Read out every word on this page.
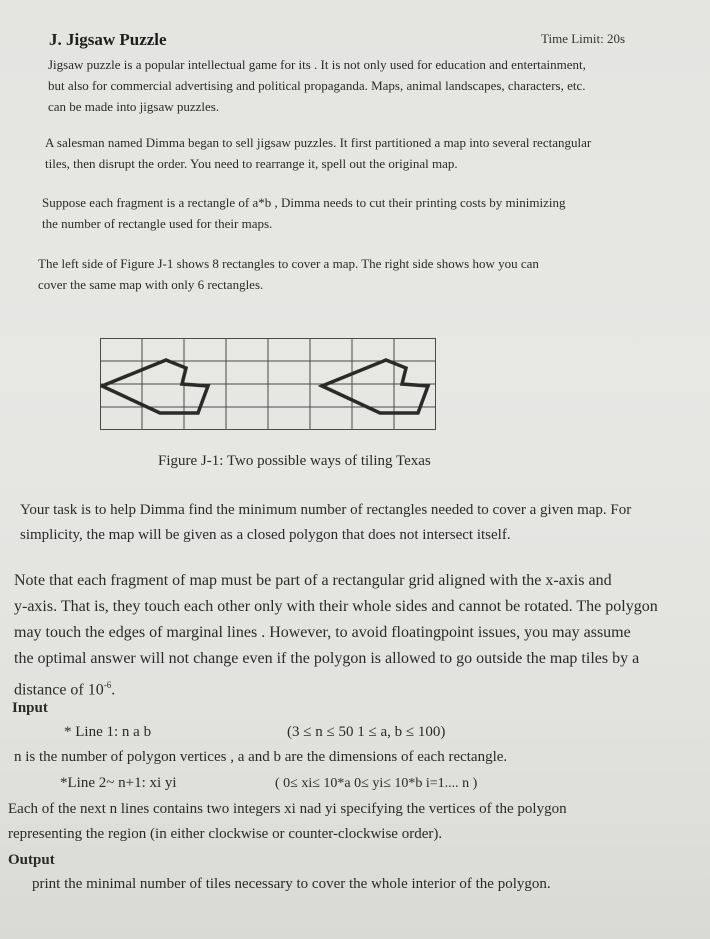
J. Jigsaw Puzzle	Time Limit: 20s
Jigsaw puzzle is a popular intellectual game for its . It is not only used for education and entertainment,
but also for commercial advertising and political propaganda. Maps, animal landscapes, characters, etc.
can be made into jigsaw puzzles.
A salesman named Dimma began to sell jigsaw puzzles. It first partitioned a map into several rectangular
tiles, then disrupt the order. You need to rearrange it, spell out the original map.
Suppose each fragment is a rectangle of a*b , Dimma needs to cut their printing costs by minimizing
the number of rectangle used for their maps.
The left side of Figure J-1 shows 8 rectangles to cover a map. The right side shows how you can
cover the same map with only 6 rectangles.
Figure J-1: Two possible ways of tiling Texas
Your task is to help Dimma find the minimum number of rectangles needed to cover a given map. For
simplicity, the map will be given as a closed polygon that does not intersect itself.
Note that each fragment of map must be part of a rectangular grid aligned with the x-axis and
y-axis. That is, they touch each other only with their whole sides and cannot be rotated. The polygon
may touch the edges of marginal lines . However, to avoid floatingpoint issues, you may assume
the optimal answer will not change even if the polygon is allowed to go outside the map tiles by a
distance of $10^{-6}$.
Input
* Line 1: n a b	(3 ≤ n ≤ 50 1 ≤ a, b ≤ 100)
n is the number of polygon vertices , a and b are the dimensions of each rectangle.
*Line 2~ n+1: xi yi	( 0≤ xi≤ 10*a 0≤ yi≤ 10*b i=1.... n )
Each of the next n lines contains two integers xi nad yi specifying the vertices of the polygon
representing the region (in either clockwise or counter-clockwise order).
Output
print the minimal number of tiles necessary to cover the whole interior of the polygon.
